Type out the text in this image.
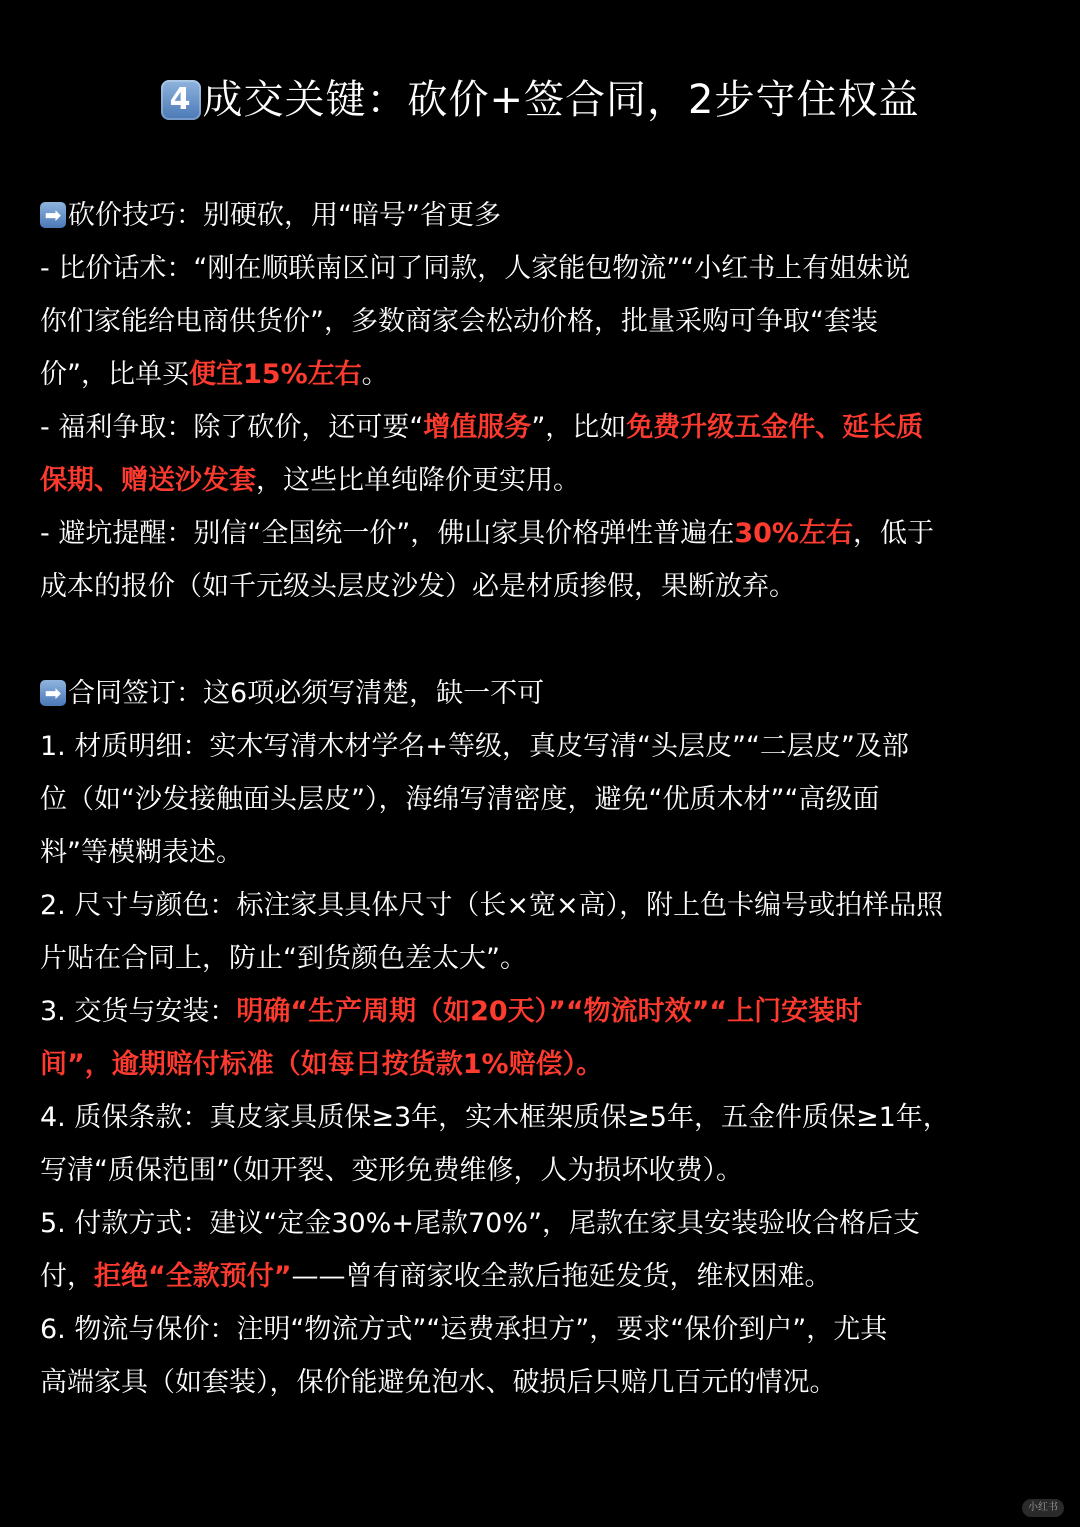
4 成交关键：砍价+签合同，2步守住权益
➡ 砍价技巧：别硬砍，用“暗号”省更多
- 比价话术：“刚在顺联南区问了同款，人家能包物流”“小红书上有姐妹说
你们家能给电商供货价”，多数商家会松动价格，批量采购可争取“套装
价”，比单买便宜15%左右。
- 福利争取：除了砍价，还可要“增值服务”，比如免费升级五金件、延长质
保期、赠送沙发套，这些比单纯降价更实用。
- 避坑提醒：别信“全国统一价”，佛山家具价格弹性普遍在30%左右，低于
成本的报价（如千元级头层皮沙发）必是材质掺假，果断放弃。
➡ 合同签订：这6项必须写清楚，缺一不可
1. 材质明细：实木写清木材学名+等级，真皮写清“头层皮”“二层皮”及部
位（如“沙发接触面头层皮”），海绵写清密度，避免“优质木材”“高级面
料”等模糊表述。
2. 尺寸与颜色：标注家具具体尺寸（长×宽×高），附上色卡编号或拍样品照
片贴在合同上，防止“到货颜色差太大”。
3. 交货与安装：明确“生产周期（如20天）”“物流时效”“上门安装时
间”，逾期赔付标准（如每日按货款1%赔偿）。
4. 质保条款：真皮家具质保≥3年，实木框架质保≥5年，五金件质保≥1年，
写清“质保范围”（如开裂、变形免费维修，人为损坏收费）。
5. 付款方式：建议“定金30%+尾款70%”，尾款在家具安装验收合格后支
付，拒绝“全款预付”——曾有商家收全款后拖延发货，维权困难。
6. 物流与保价：注明“物流方式”“运费承担方”，要求“保价到户”，尤其
高端家具（如套装），保价能避免泡水、破损后只赔几百元的情况。
小红书
